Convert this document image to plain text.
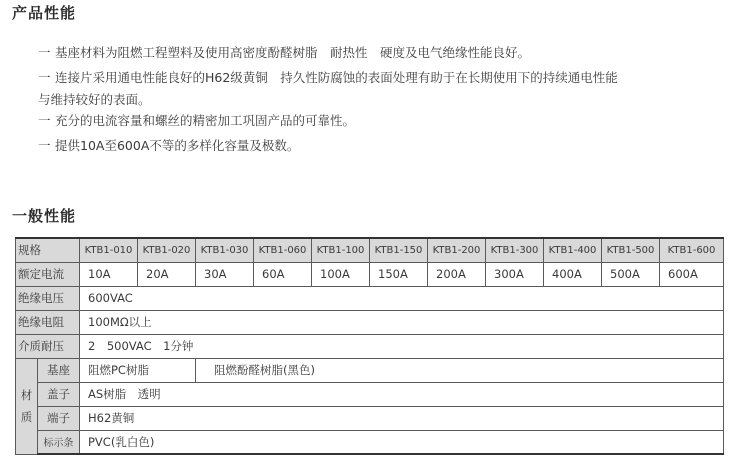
产品性能
一 基座材料为阻燃工程塑料及使用高密度酚醛树脂　耐热性　硬度及电气绝缘性能良好。
一 连接片采用通电性能良好的H62级黄铜　持久性防腐蚀的表面处理有助于在长期使用下的持续通电性能
与维持较好的表面。
一 充分的电流容量和螺丝的精密加工巩固产品的可靠性。
一 提供10A至600A不等的多样化容量及极数。
一般性能
规格		KTB1-010	KTB1-020	KTB1-030	KTB1-060	KTB1-100	KTB1-150	KTB1-200	KTB1-300	KTB1-400	KTB1-500	KTB1-600
额定电流		10A	20A	30A	60A	100A	150A	200A	300A	400A	500A	600A
绝缘电压		600VAC										
绝缘电阻		100MΩ以上										
介质耐压		2　500VAC　1分钟										
材
质	基座	阻燃PC树脂		阻燃酚醛树脂(黑色)								
	盖子	AS树脂　透明										
	端子	H62黄铜										
	标示条	PVC(乳白色)										
